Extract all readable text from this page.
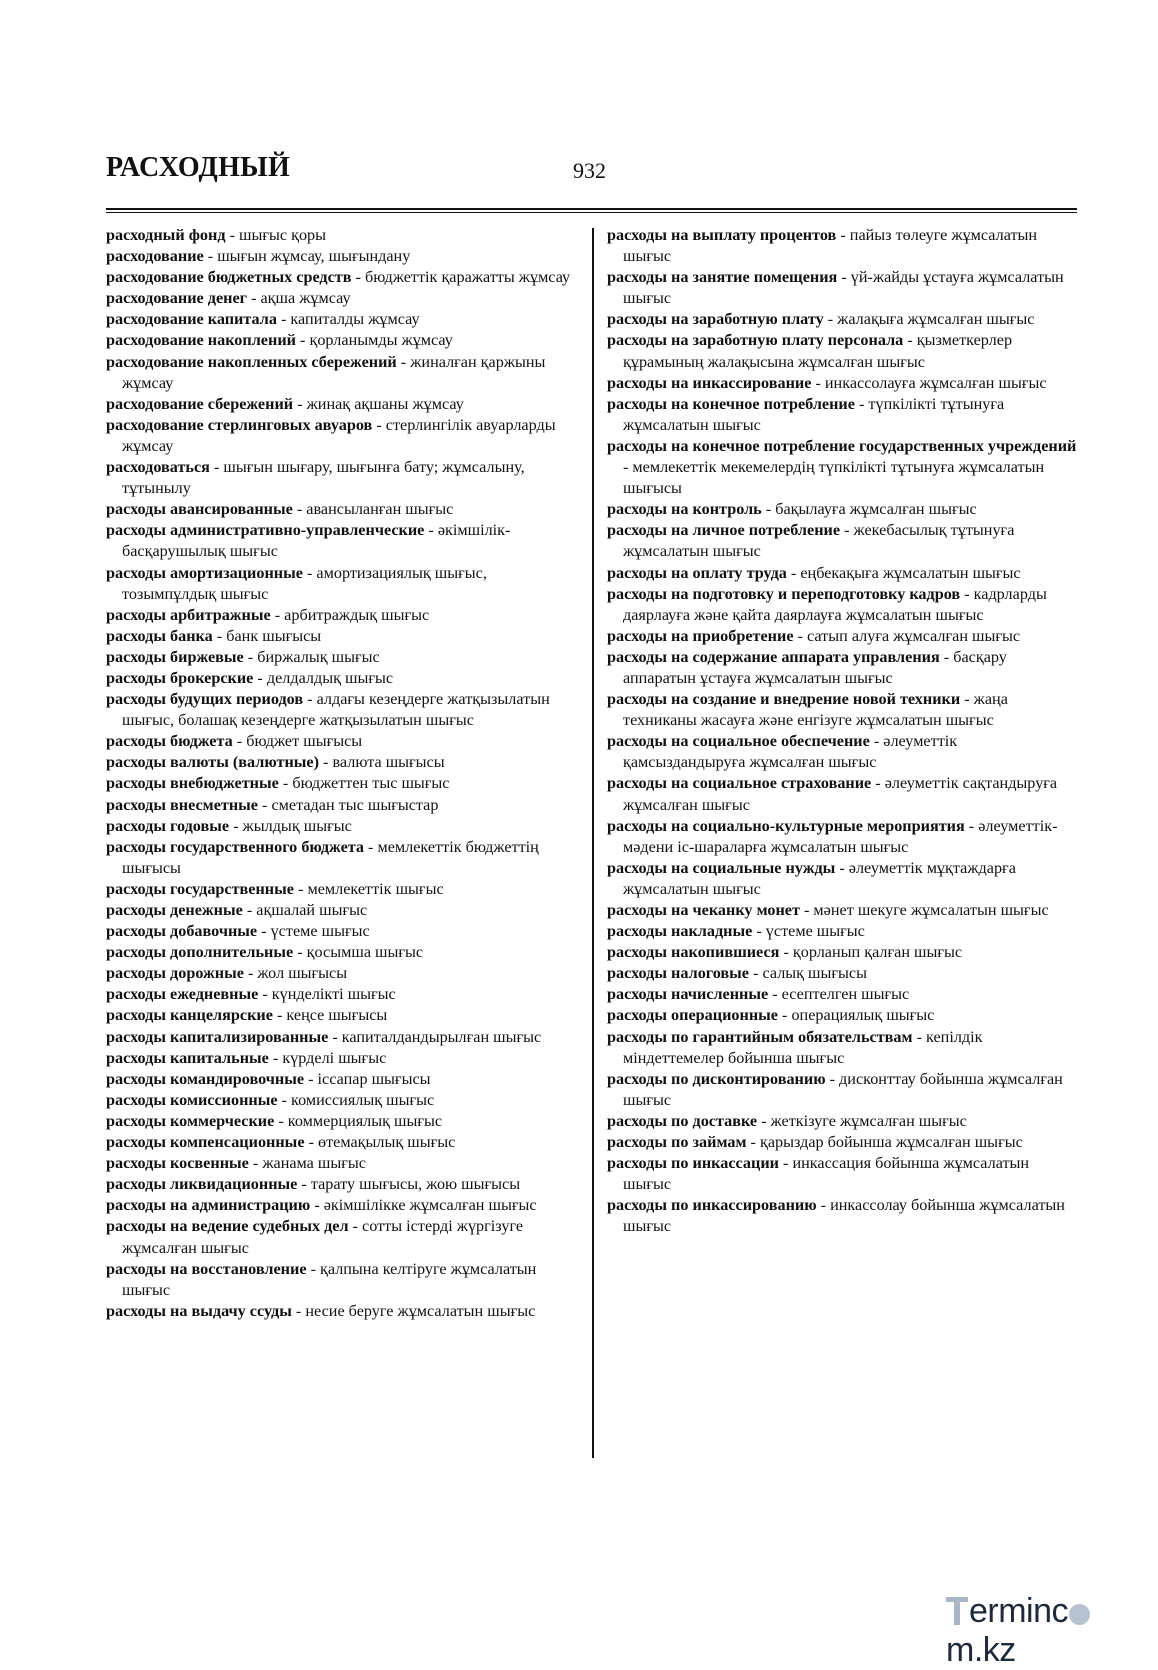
РАСХОДНЫЙ	932

расходный фонд - шығыс қоры

расходование - шығын жұмсау, шығындану

расходование бюджетных средств - бюджеттік қаражатты жұмсау

расходование денег - ақша жұмсау

расходование капитала - капиталды жұмсау

расходование накоплений - қорланымды жұмсау

расходование накопленных сбережений - жиналған қаржыны жұмсау

расходование сбережений - жинақ ақшаны жұмсау

расходование стерлинговых авуаров - стерлингілік авуарларды жұмсау

расходоваться - шығын шығару, шығынға бату; жұмсалыну, тұтынылу

расходы авансированные - авансыланған шығыс

расходы административно-управленческие - әкімшілік-басқарушылық шығыс

расходы амортизационные - амортизациялық шығыс, тозымпұлдық шығыс

расходы арбитражные - арбитраждық шығыс

расходы банка - банк шығысы

расходы биржевые - биржалық шығыс

расходы брокерские - делдалдық шығыс

расходы будущих периодов - алдағы кезеңдерге жатқызылатын шығыс, болашақ кезеңдерге жатқызылатын шығыс

расходы бюджета - бюджет шығысы

расходы валюты (валютные) - валюта шығысы

расходы внебюджетные - бюджеттен тыс шығыс

расходы внесметные - сметадан тыс шығыстар

расходы годовые - жылдық шығыс

расходы государственного бюджета - мемлекеттік бюджеттің шығысы

расходы государственные - мемлекеттік шығыс

расходы денежные - ақшалай шығыс

расходы добавочные - үстеме шығыс

расходы дополнительные - қосымша шығыс

расходы дорожные - жол шығысы

расходы ежедневные - күнделікті шығыс

расходы канцелярские - кеңсе шығысы

расходы капитализированные - капиталдандырылған шығыс

расходы капитальные - күрделі шығыс

расходы командировочные - іссапар шығысы

расходы комиссионные - комиссиялық шығыс

расходы коммерческие - коммерциялық шығыс

расходы компенсационные - өтемақылық шығыс

расходы косвенные - жанама шығыс

расходы ликвидационные - тарату шығысы, жою шығысы

расходы на администрацию - әкімшілікке жұмсалған шығыс

расходы на ведение судебных дел - сотты істерді жүргізуге жұмсалған шығыс

расходы на восстановление - қалпына келтіруге жұмсалатын шығыс

расходы на выдачу ссуды - несие беруге жұмсалатын шығыс

расходы на выплату процентов - пайыз төлеуге жұмсалатын шығыс

расходы на занятие помещения - үй-жайды ұстауға жұмсалатын шығыс

расходы на заработную плату - жалақыға жұмсалған шығыс

расходы на заработную плату персонала - қызметкерлер құрамының жалақысына жұмсалған шығыс

расходы на инкассирование - инкассолауға жұмсалған шығыс

расходы на конечное потребление - түпкілікті тұтынуға жұмсалатын шығыс

расходы на конечное потребление государственных учреждений - мемлекеттік мекемелердің түпкілікті тұтынуға жұмсалатын шығысы

расходы на контроль - бақылауға жұмсалған шығыс

расходы на личное потребление - жекебасылық тұтынуға жұмсалатын шығыс

расходы на оплату труда - еңбекақыға жұмсалатын шығыс

расходы на подготовку и переподготовку кадров - кадрларды даярлауға және қайта даярлауға жұмсалатын шығыс

расходы на приобретение - сатып алуға жұмсалған шығыс

расходы на содержание аппарата управления - басқару аппаратын ұстауға жұмсалатын шығыс

расходы на создание и внедрение новой техники - жаңа техниканы жасауға және енгізуге жұмсалатын шығыс

расходы на социальное обеспечение - әлеуметтік қамсыздандыруға жұмсалған шығыс

расходы на социальное страхование - әлеуметтік сақтандыруға жұмсалған шығыс

расходы на социально-культурные мероприятия - әлеуметтік-мәдени іс-шараларға жұмсалатын шығыс

расходы на социальные нужды - әлеуметтік мұқтаждарға жұмсалатын шығыс

расходы на чеканку монет - мәнет шекуге жұмсалатын шығыс

расходы накладные - үстеме шығыс

расходы накопившиеся - қорланып қалған шығыс

расходы налоговые - салық шығысы

расходы начисленные - есептелген шығыс

расходы операционные - операциялық шығыс

расходы по гарантийным обязательствам - кепілдік міндеттемелер бойынша шығыс

расходы по дисконтированию - дисконттау бойынша жұмсалған шығыс

расходы по доставке - жеткізуге жұмсалған шығыс

расходы по займам - қарыздар бойынша жұмсалған шығыс

расходы по инкассации - инкассация бойынша жұмсалатын шығыс

расходы по инкассированию - инкассолау бойынша жұмсалатын шығыс

ermincm.kz
